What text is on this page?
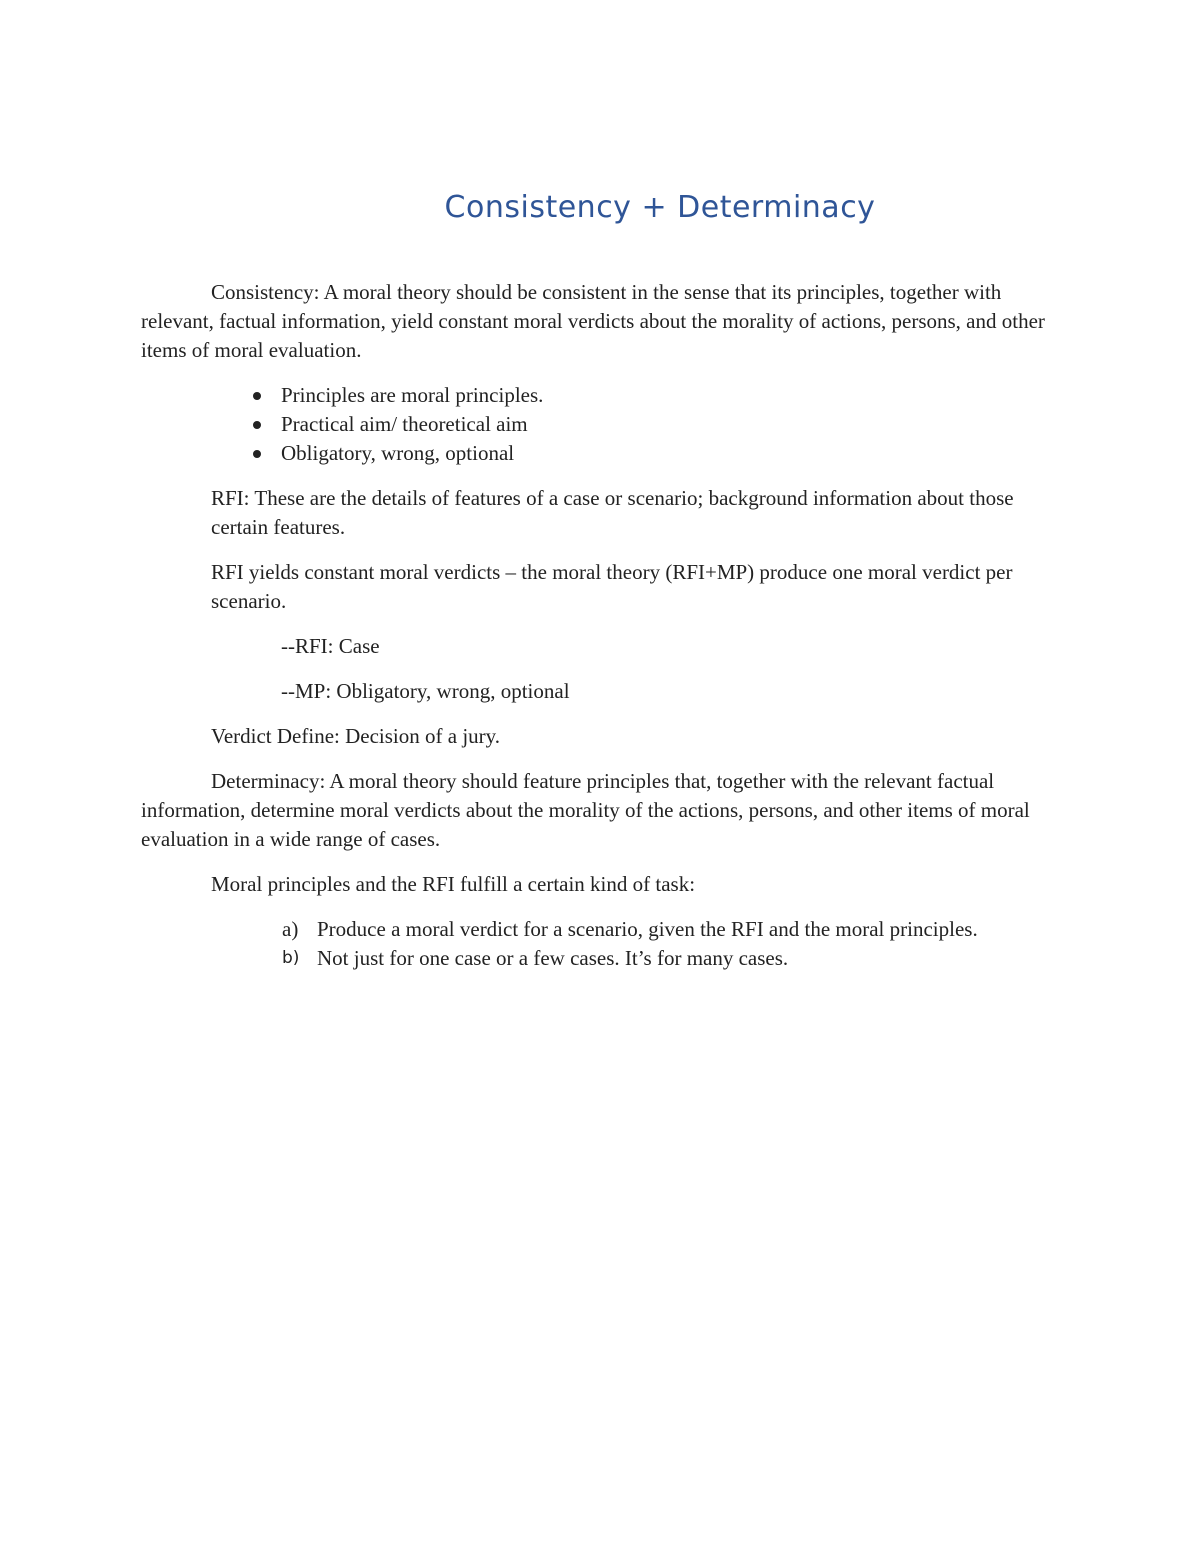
Consistency + Determinacy

Consistency: A moral theory should be consistent in the sense that its principles, together with relevant, factual information, yield constant moral verdicts about the morality of actions, persons, and other items of moral evaluation.

Principles are moral principles.
Practical aim/ theoretical aim
Obligatory, wrong, optional

RFI: These are the details of features of a case or scenario; background information about those certain features.

RFI yields constant moral verdicts – the moral theory (RFI+MP) produce one moral verdict per scenario.

--RFI: Case

--MP: Obligatory, wrong, optional

Verdict Define: Decision of a jury.

Determinacy: A moral theory should feature principles that, together with the relevant factual information, determine moral verdicts about the morality of the actions, persons, and other items of moral evaluation in a wide range of cases.

Moral principles and the RFI fulfill a certain kind of task:

a) Produce a moral verdict for a scenario, given the RFI and the moral principles.
b) Not just for one case or a few cases. It’s for many cases.
